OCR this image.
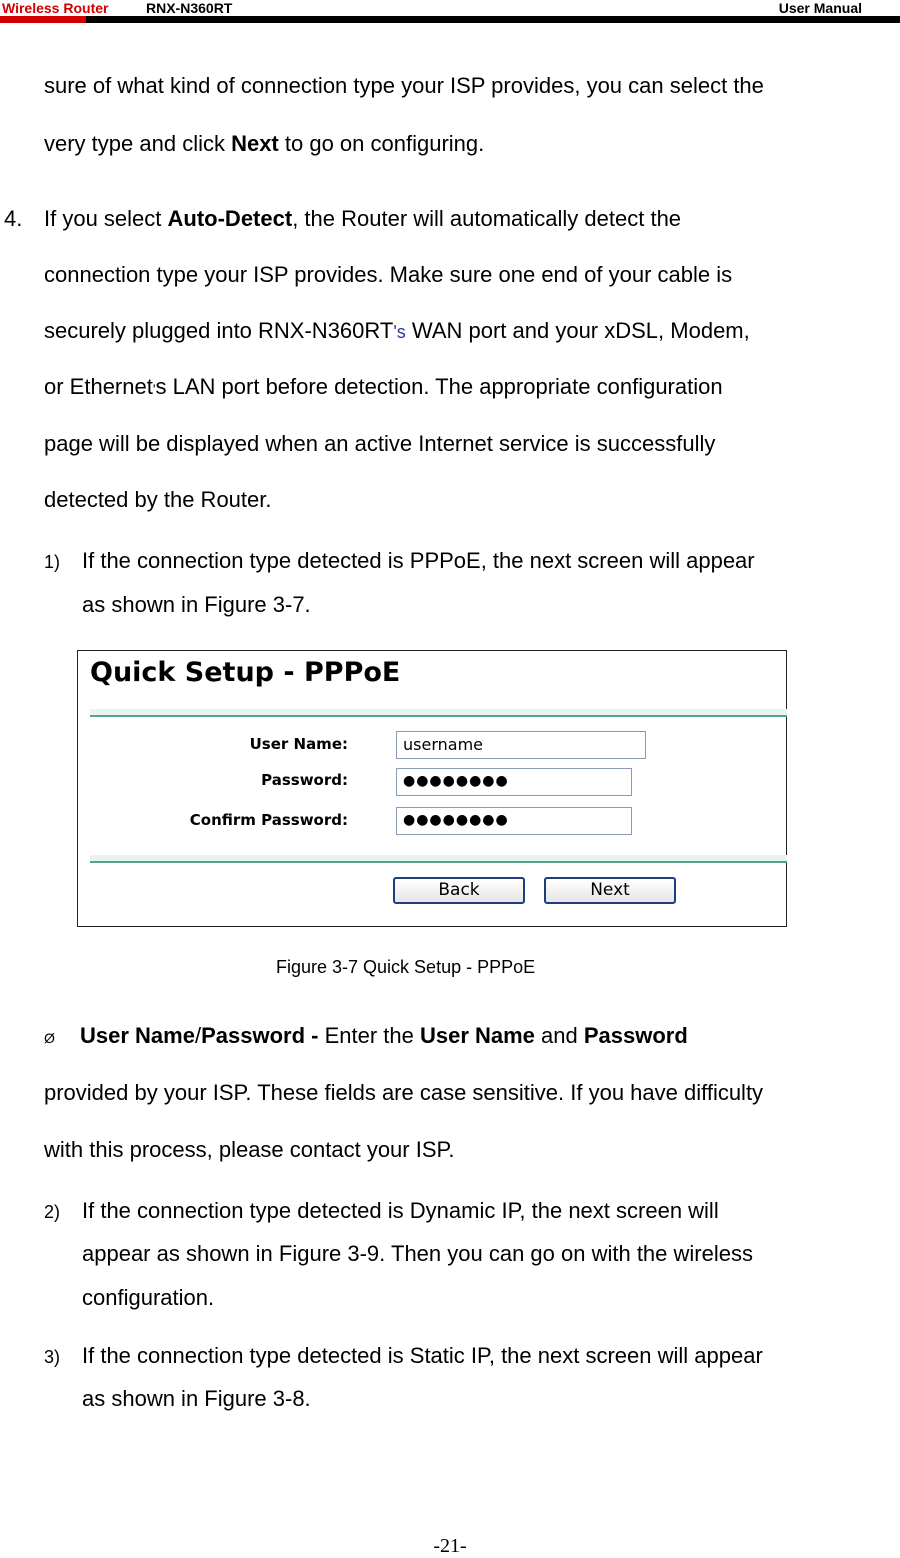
Wireless Router	RNX-N360RT	User Manual
sure of what kind of connection type your ISP provides, you can select the
very type and click Next to go on configuring.
4. If you select Auto-Detect, the Router will automatically detect the
connection type your ISP provides. Make sure one end of your cable is
securely plugged into RNX-N360RT's WAN port and your xDSL, Modem,
or Ethernet's LAN port before detection. The appropriate configuration
page will be displayed when an active Internet service is successfully
detected by the Router.
1) If the connection type detected is PPPoE, the next screen will appear
as shown in Figure 3-7.
Quick Setup - PPPoE
User Name:	username
Password:	●●●●●●●●
Confirm Password:	●●●●●●●●
Back	Next
Figure 3-7 Quick Setup - PPPoE
Ø User Name/Password - Enter the User Name and Password
provided by your ISP. These fields are case sensitive. If you have difficulty
with this process, please contact your ISP.
2) If the connection type detected is Dynamic IP, the next screen will
appear as shown in Figure 3-9. Then you can go on with the wireless
configuration.
3) If the connection type detected is Static IP, the next screen will appear
as shown in Figure 3-8.
-21-
